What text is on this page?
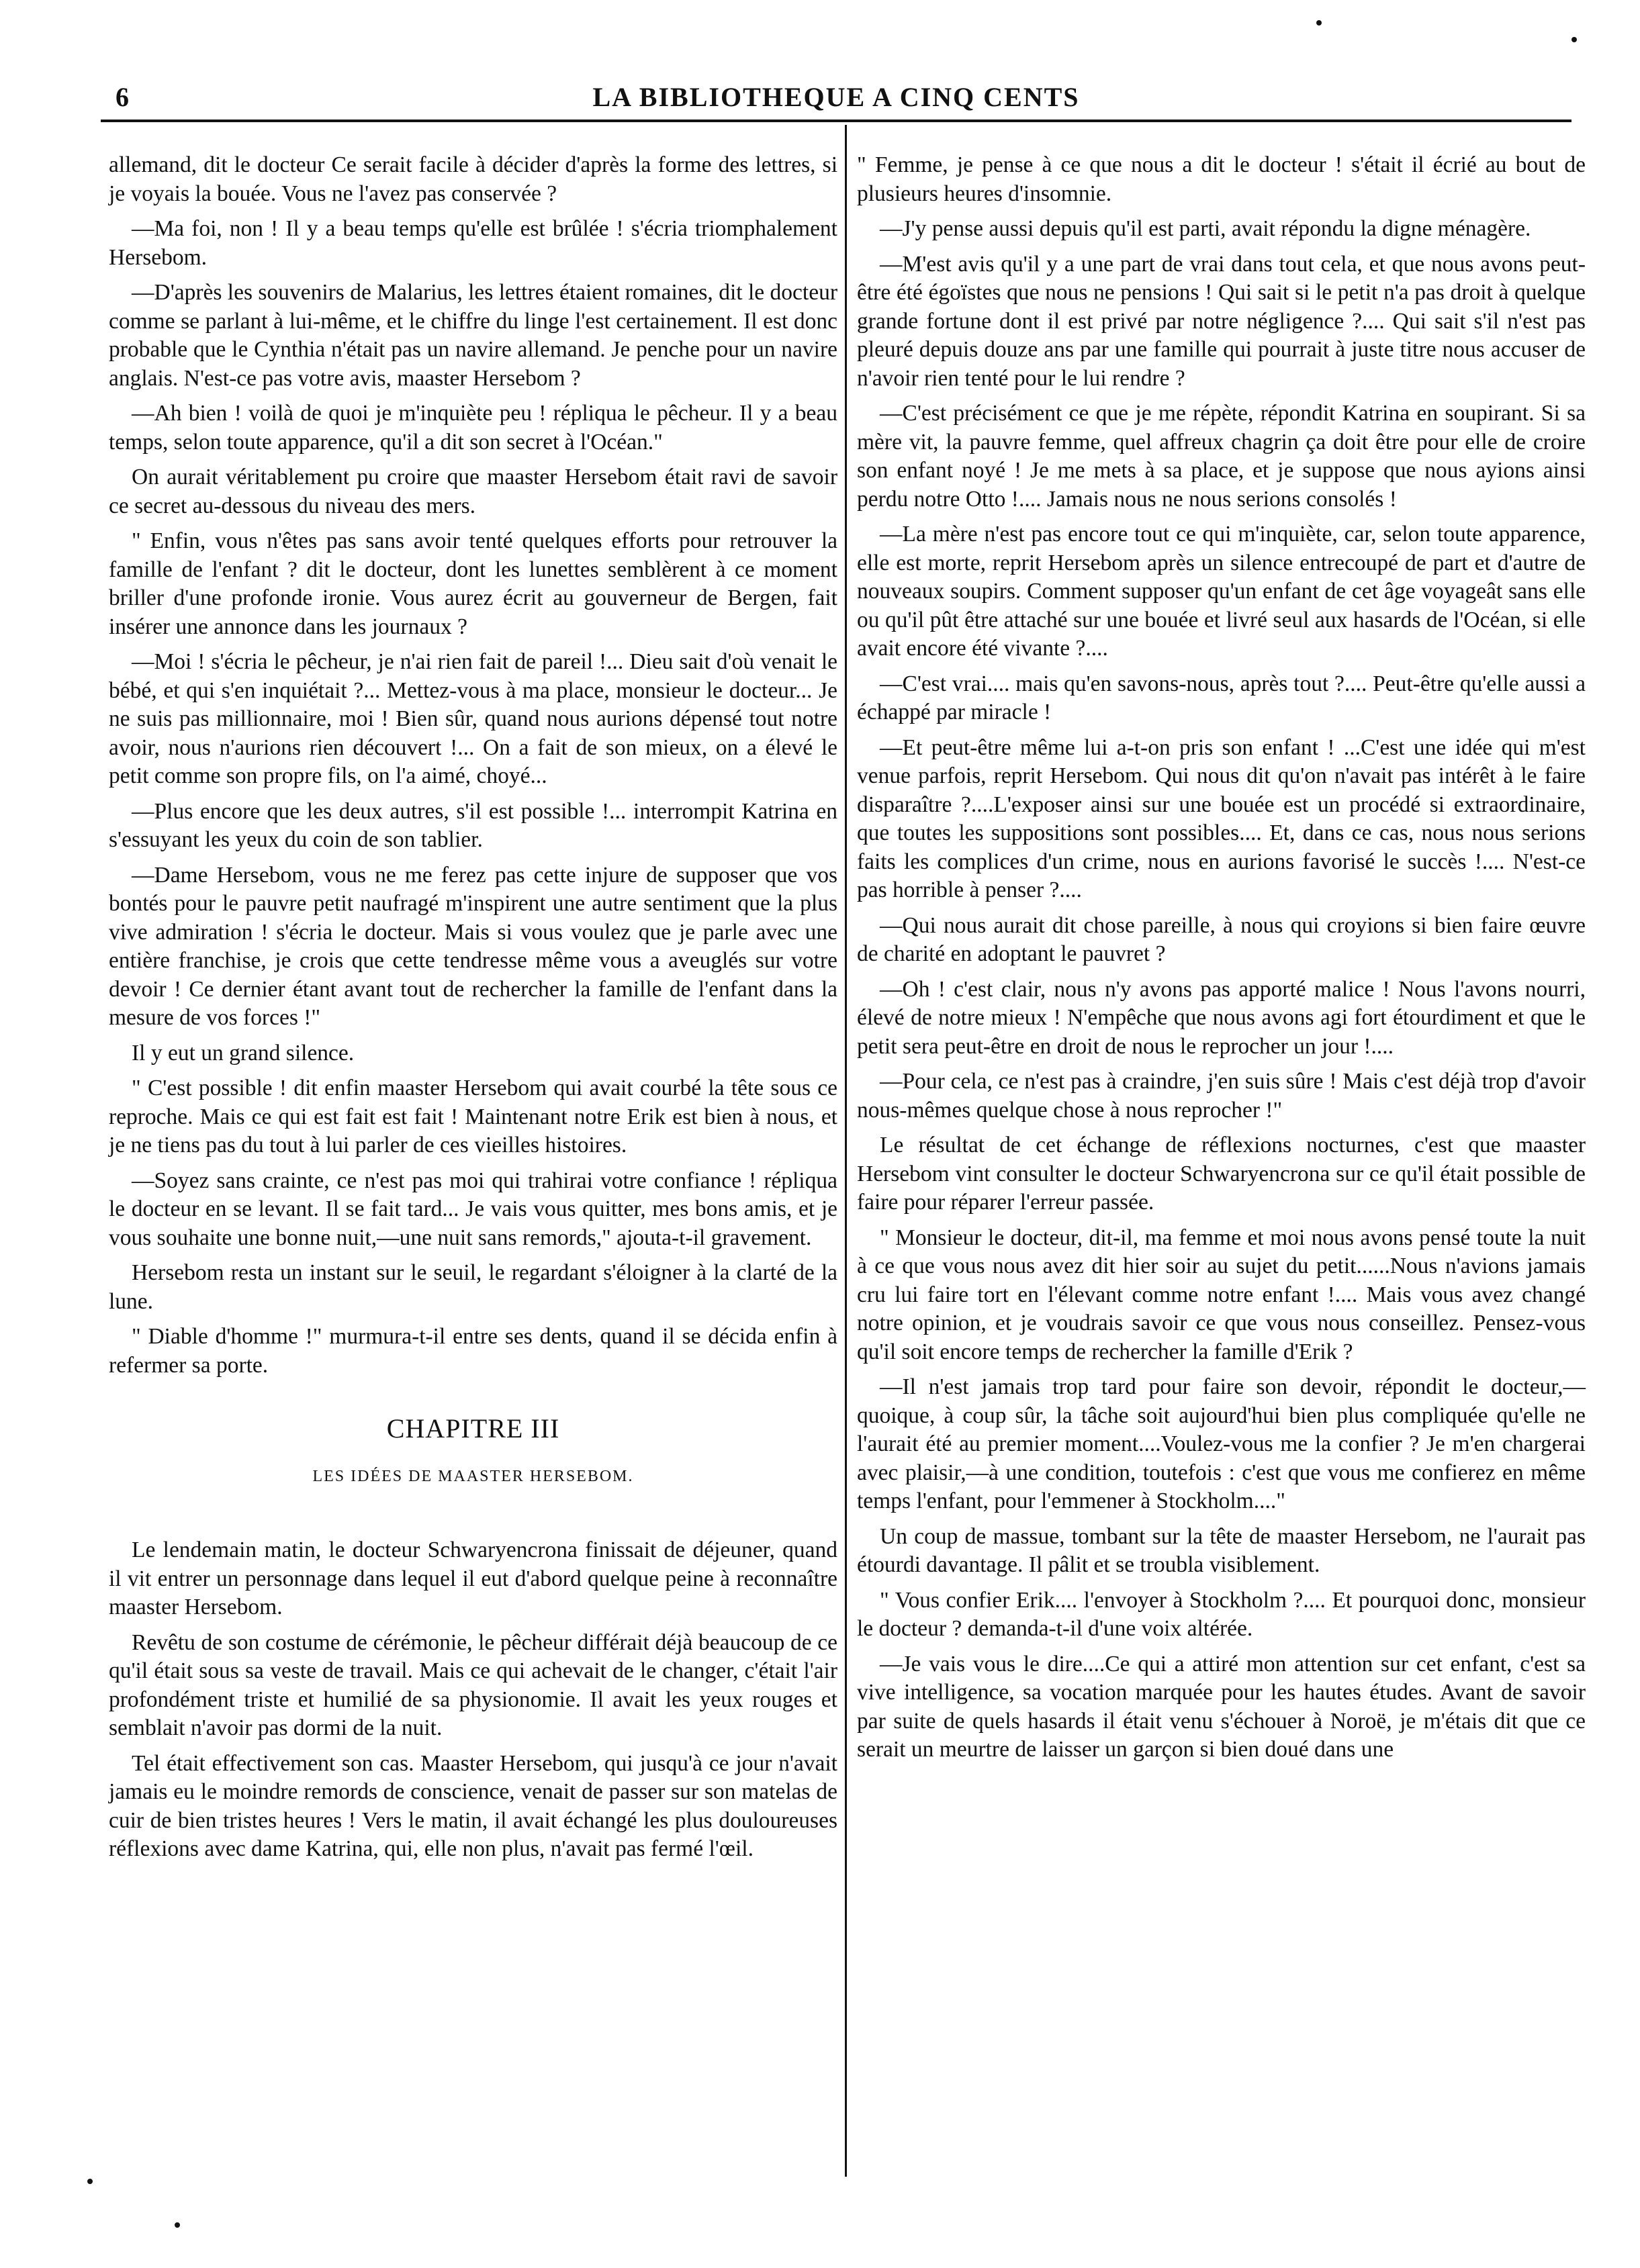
6	LA BIBLIOTHEQUE A CINQ CENTS

allemand, dit le docteur Ce serait facile à décider d'après la forme des lettres, si je voyais la bouée. Vous ne l'avez pas conservée ?

—Ma foi, non ! Il y a beau temps qu'elle est brûlée ! s'écria triomphalement Hersebom.

—D'après les souvenirs de Malarius, les lettres étaient romaines, dit le docteur comme se parlant à lui-même, et le chiffre du linge l'est certainement. Il est donc probable que le Cynthia n'était pas un navire allemand. Je penche pour un navire anglais. N'est-ce pas votre avis, maaster Hersebom ?

—Ah bien ! voilà de quoi je m'inquiète peu ! répliqua le pêcheur. Il y a beau temps, selon toute apparence, qu'il a dit son secret à l'Océan."

On aurait véritablement pu croire que maaster Hersebom était ravi de savoir ce secret au-dessous du niveau des mers.

" Enfin, vous n'êtes pas sans avoir tenté quelques efforts pour retrouver la famille de l'enfant ? dit le docteur, dont les lunettes semblèrent à ce moment briller d'une profonde ironie. Vous aurez écrit au gouverneur de Bergen, fait insérer une annonce dans les journaux ?

—Moi ! s'écria le pêcheur, je n'ai rien fait de pareil !... Dieu sait d'où venait le bébé, et qui s'en inquiétait ?... Mettez-vous à ma place, monsieur le docteur... Je ne suis pas millionnaire, moi ! Bien sûr, quand nous aurions dépensé tout notre avoir, nous n'aurions rien découvert !... On a fait de son mieux, on a élevé le petit comme son propre fils, on l'a aimé, choyé...

—Plus encore que les deux autres, s'il est possible !... interrompit Katrina en s'essuyant les yeux du coin de son tablier.

—Dame Hersebom, vous ne me ferez pas cette injure de supposer que vos bontés pour le pauvre petit naufragé m'inspirent une autre sentiment que la plus vive admiration ! s'écria le docteur. Mais si vous voulez que je parle avec une entière franchise, je crois que cette tendresse même vous a aveuglés sur votre devoir ! Ce dernier étant avant tout de rechercher la famille de l'enfant dans la mesure de vos forces !"

Il y eut un grand silence.

" C'est possible ! dit enfin maaster Hersebom qui avait courbé la tête sous ce reproche. Mais ce qui est fait est fait ! Maintenant notre Erik est bien à nous, et je ne tiens pas du tout à lui parler de ces vieilles histoires.

—Soyez sans crainte, ce n'est pas moi qui trahirai votre confiance ! répliqua le docteur en se levant. Il se fait tard... Je vais vous quitter, mes bons amis, et je vous souhaite une bonne nuit,—une nuit sans remords," ajouta-t-il gravement.

Hersebom resta un instant sur le seuil, le regardant s'éloigner à la clarté de la lune.

" Diable d'homme !" murmura-t-il entre ses dents, quand il se décida enfin à refermer sa porte.

CHAPITRE III
LES IDÉES DE MAASTER HERSEBOM.

Le lendemain matin, le docteur Schwaryencrona finissait de déjeuner, quand il vit entrer un personnage dans lequel il eut d'abord quelque peine à reconnaître maaster Hersebom.

Revêtu de son costume de cérémonie, le pêcheur différait déjà beaucoup de ce qu'il était sous sa veste de travail. Mais ce qui achevait de le changer, c'était l'air profondément triste et humilié de sa physionomie. Il avait les yeux rouges et semblait n'avoir pas dormi de la nuit.

Tel était effectivement son cas. Maaster Hersebom, qui jusqu'à ce jour n'avait jamais eu le moindre remords de conscience, venait de passer sur son matelas de cuir de bien tristes heures ! Vers le matin, il avait échangé les plus douloureuses réflexions avec dame Katrina, qui, elle non plus, n'avait pas fermé l'œil.

" Femme, je pense à ce que nous a dit le docteur ! s'était il écrié au bout de plusieurs heures d'insomnie.

—J'y pense aussi depuis qu'il est parti, avait répondu la digne ménagère.

—M'est avis qu'il y a une part de vrai dans tout cela, et que nous avons peut-être été égoïstes que nous ne pensions ! Qui sait si le petit n'a pas droit à quelque grande fortune dont il est privé par notre négligence ?.... Qui sait s'il n'est pas pleuré depuis douze ans par une famille qui pourrait à juste titre nous accuser de n'avoir rien tenté pour le lui rendre ?

—C'est précisément ce que je me répète, répondit Katrina en soupirant. Si sa mère vit, la pauvre femme, quel affreux chagrin ça doit être pour elle de croire son enfant noyé ! Je me mets à sa place, et je suppose que nous ayions ainsi perdu notre Otto !.... Jamais nous ne nous serions consolés !

—La mère n'est pas encore tout ce qui m'inquiète, car, selon toute apparence, elle est morte, reprit Hersebom après un silence entrecoupé de part et d'autre de nouveaux soupirs. Comment supposer qu'un enfant de cet âge voyageât sans elle ou qu'il pût être attaché sur une bouée et livré seul aux hasards de l'Océan, si elle avait encore été vivante ?....

—C'est vrai.... mais qu'en savons-nous, après tout ?.... Peut-être qu'elle aussi a échappé par miracle !

—Et peut-être même lui a-t-on pris son enfant ! ...C'est une idée qui m'est venue parfois, reprit Hersebom. Qui nous dit qu'on n'avait pas intérêt à le faire disparaître ?....L'exposer ainsi sur une bouée est un procédé si extraordinaire, que toutes les suppositions sont possibles.... Et, dans ce cas, nous nous serions faits les complices d'un crime, nous en aurions favorisé le succès !.... N'est-ce pas horrible à penser ?....

—Qui nous aurait dit chose pareille, à nous qui croyions si bien faire œuvre de charité en adoptant le pauvret ?

—Oh ! c'est clair, nous n'y avons pas apporté malice ! Nous l'avons nourri, élevé de notre mieux ! N'empêche que nous avons agi fort étourdiment et que le petit sera peut-être en droit de nous le reprocher un jour !....

—Pour cela, ce n'est pas à craindre, j'en suis sûre ! Mais c'est déjà trop d'avoir nous-mêmes quelque chose à nous reprocher !"

Le résultat de cet échange de réflexions nocturnes, c'est que maaster Hersebom vint consulter le docteur Schwaryencrona sur ce qu'il était possible de faire pour réparer l'erreur passée.

" Monsieur le docteur, dit-il, ma femme et moi nous avons pensé toute la nuit à ce que vous nous avez dit hier soir au sujet du petit......Nous n'avions jamais cru lui faire tort en l'élevant comme notre enfant !.... Mais vous avez changé notre opinion, et je voudrais savoir ce que vous nous conseillez. Pensez-vous qu'il soit encore temps de rechercher la famille d'Erik ?

—Il n'est jamais trop tard pour faire son devoir, répondit le docteur,—quoique, à coup sûr, la tâche soit aujourd'hui bien plus compliquée qu'elle ne l'aurait été au premier moment....Voulez-vous me la confier ? Je m'en chargerai avec plaisir,—à une condition, toutefois : c'est que vous me confierez en même temps l'enfant, pour l'emmener à Stockholm...."

Un coup de massue, tombant sur la tête de maaster Hersebom, ne l'aurait pas étourdi davantage. Il pâlit et se troubla visiblement.

" Vous confier Erik.... l'envoyer à Stockholm ?.... Et pourquoi donc, monsieur le docteur ? demanda-t-il d'une voix altérée.

—Je vais vous le dire....Ce qui a attiré mon attention sur cet enfant, c'est sa vive intelligence, sa vocation marquée pour les hautes études. Avant de savoir par suite de quels hasards il était venu s'échouer à Noroë, je m'étais dit que ce serait un meurtre de laisser un garçon si bien doué dans une
